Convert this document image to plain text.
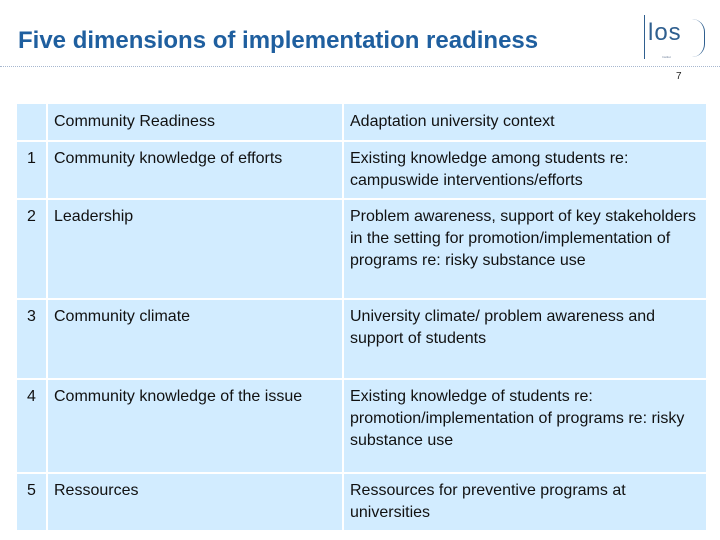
Five dimensions of implementation readiness	los
Institut
7
	Community Readiness	Adaptation university context
1	Community knowledge of efforts	Existing knowledge among students re: campuswide interventions/efforts
2	Leadership	Problem awareness, support of key stakeholders in the setting for promotion/implementation of programs re: risky substance use
3	Community climate	University climate/ problem awareness and support of students
4	Community knowledge of the issue	Existing knowledge of students re: promotion/implementation of programs re: risky substance use
5	Ressources	Ressources for preventive programs at universities
